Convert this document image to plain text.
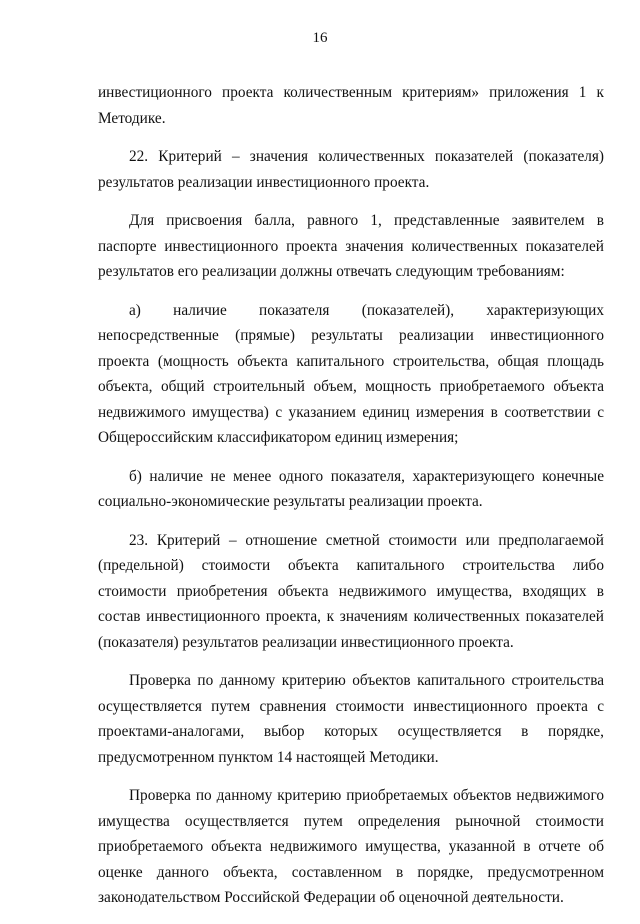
16

инвестиционного проекта количественным критериям» приложения 1 к Методике.

22. Критерий – значения количественных показателей (показателя) результатов реализации инвестиционного проекта.

Для присвоения балла, равного 1, представленные заявителем в паспорте инвестиционного проекта значения количественных показателей результатов его реализации должны отвечать следующим требованиям:

а) наличие показателя (показателей), характеризующих непосредственные (прямые) результаты реализации инвестиционного проекта (мощность объекта капитального строительства, общая площадь объекта, общий строительный объем, мощность приобретаемого объекта недвижимого имущества) с указанием единиц измерения в соответствии с Общероссийским классификатором единиц измерения;

б) наличие не менее одного показателя, характеризующего конечные социально-экономические результаты реализации проекта.

23. Критерий – отношение сметной стоимости или предполагаемой (предельной) стоимости объекта капитального строительства либо стоимости приобретения объекта недвижимого имущества, входящих в состав инвестиционного проекта, к значениям количественных показателей (показателя) результатов реализации инвестиционного проекта.

Проверка по данному критерию объектов капитального строительства осуществляется путем сравнения стоимости инвестиционного проекта с проектами-аналогами, выбор которых осуществляется в порядке, предусмотренном пунктом 14 настоящей Методики.

Проверка по данному критерию приобретаемых объектов недвижимого имущества осуществляется путем определения рыночной стоимости приобретаемого объекта недвижимого имущества, указанной в отчете об оценке данного объекта, составленном в порядке, предусмотренном законодательством Российской Федерации об оценочной деятельности.
